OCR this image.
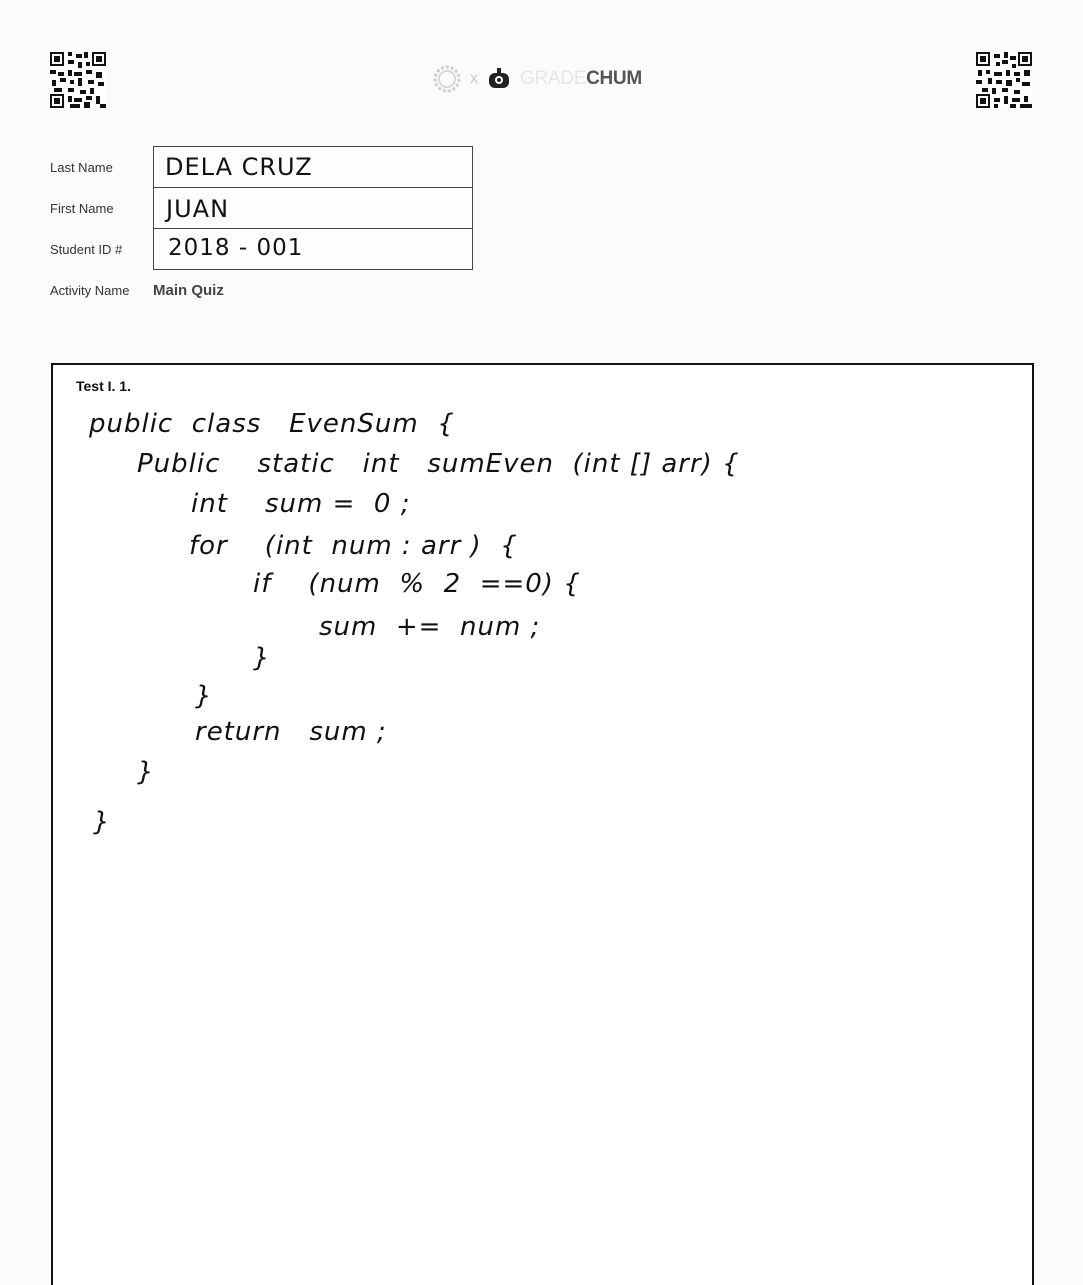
x GRADECHUM
Last Name
First Name
Student ID #
Activity Name
DELA CRUZ
JUAN
2018 - 001
Main Quiz
Test I. 1.
public  class   EvenSum  {
Public    static   int   sumEven  (int [] arr) {
int    sum =  0 ;
for    (int  num : arr )  {
if    (num  %  2  ==0) {
sum  +=  num ;
}
}
return   sum ;
}
}
